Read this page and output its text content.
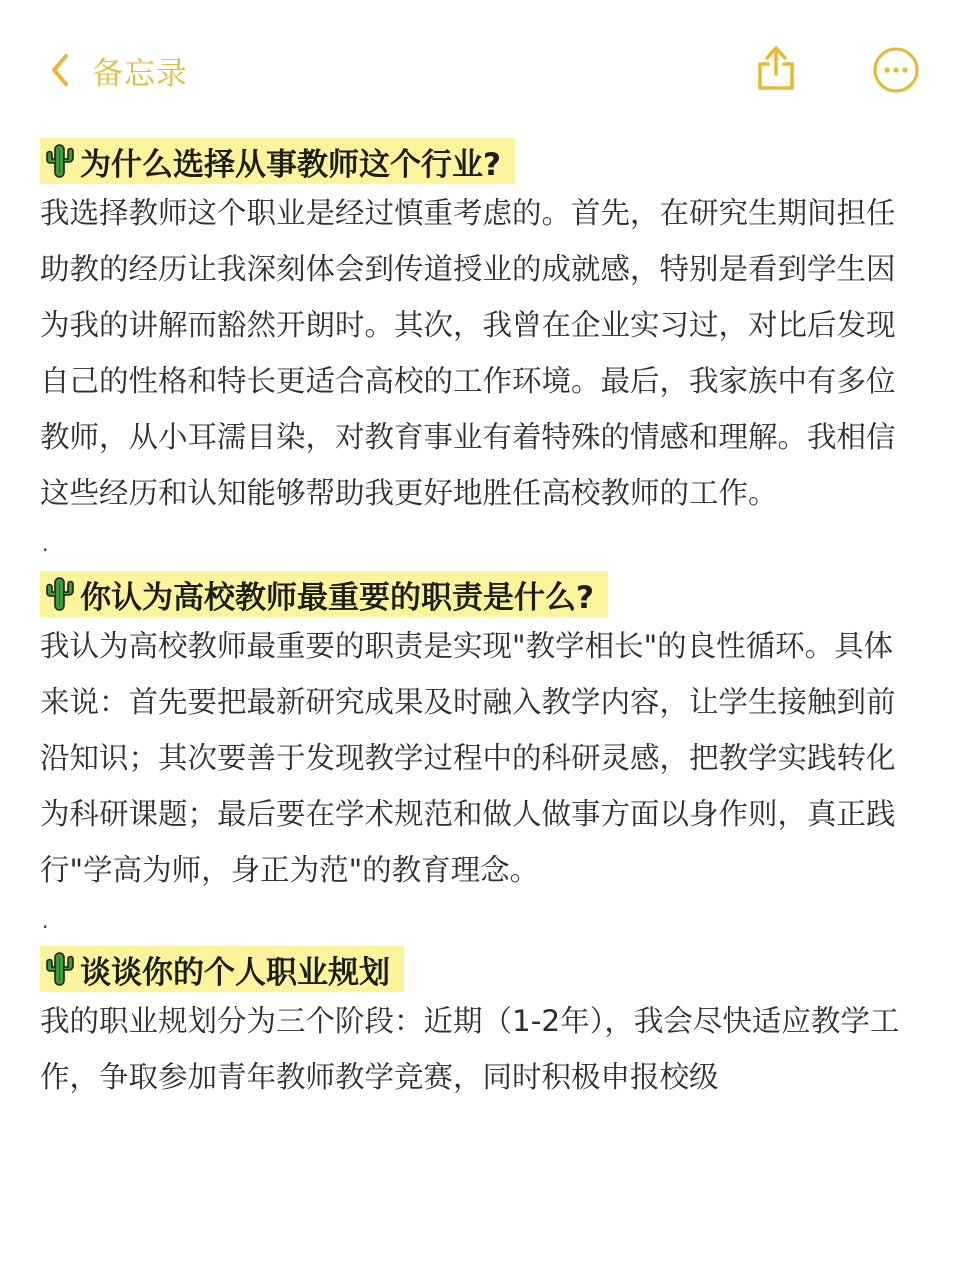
备忘录
为什么选择从事教师这个行业?

我选择教师这个职业是经过慎重考虑的。首先，在研究生期间担任助教的经历让我深刻体会到传道授业的成就感，特别是看到学生因为我的讲解而豁然开朗时。其次，我曾在企业实习过，对比后发现自己的性格和特长更适合高校的工作环境。最后，我家族中有多位教师，从小耳濡目染，对教育事业有着特殊的情感和理解。我相信这些经历和认知能够帮助我更好地胜任高校教师的工作。

.
你认为高校教师最重要的职责是什么?

我认为高校教师最重要的职责是实现"教学相长"的良性循环。具体来说：首先要把最新研究成果及时融入教学内容，让学生接触到前沿知识；其次要善于发现教学过程中的科研灵感，把教学实践转化为科研课题；最后要在学术规范和做人做事方面以身作则，真正践行"学高为师，身正为范"的教育理念。

.
谈谈你的个人职业规划

我的职业规划分为三个阶段：近期（1-2年），我会尽快适应教学工作，争取参加青年教师教学竞赛，同时积极申报校级
